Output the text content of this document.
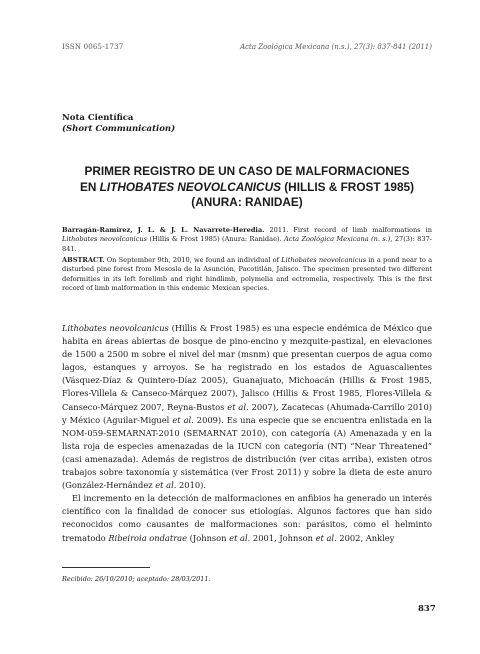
ISSN 0065-1737	Acta Zoológica Mexicana (n.s.), 27(3): 837-841 (2011)
Nota Científica
(Short Communication)
PRIMER REGISTRO DE UN CASO DE MALFORMACIONES
EN LITHOBATES NEOVOLCANICUS (HILLIS & FROST 1985)
(ANURA: RANIDAE)
Barragán-Ramírez, J. L. & J. L. Navarrete-Heredia. 2011. First record of limb malformations in Lithobates neovolcanicus (Hillis & Frost 1985) (Anura: Ranidae). Acta Zoológica Mexicana (n. s.), 27(3): 837-841.
ABSTRACT. On September 9th, 2010, we found an individual of Lithobates neovolcanicus in a pond near to a disturbed pine forest from Mesosla de la Asunción, Pacotitlán, Jalisco. The specimen presented two different deformities in its left forelimb and right hindlimb, polymelia and ectromelia, respectively. This is the first record of limb malformation in this endemic Mexican species.

Lithobates neovolcanicus (Hillis & Frost 1985) es una especie endémica de México que habita en áreas abiertas de bosque de pino-encino y mezquite-pastizal, en elevaciones de 1500 a 2500 m sobre el nivel del mar (msnm) que presentan cuerpos de agua como lagos, estanques y arroyos. Se ha registrado en los estados de Aguascalientes (Vásquez-Díaz & Quintero-Díaz 2005), Guanajuato, Michoacán (Hillis & Frost 1985, Flores-Villela & Canseco-Márquez 2007), Jalisco (Hillis & Frost 1985, Flores-Villela & Canseco-Márquez 2007, Reyna-Bustos et al. 2007), Zacatecas (Ahumada-Carrillo 2010) y México (Aguilar-Miguel et al. 2009). Es una especie que se encuentra enlistada en la NOM-059-SEMARNAT-2010 (SEMARNAT 2010), con categoría (A) Amenazada y en la lista roja de especies amenazadas de la IUCN con categoría (NT) “Near Threatened” (casi amenazada). Además de registros de distribución (ver citas arriba), existen otros trabajos sobre taxonomía y sistemática (ver Frost 2011) y sobre la dieta de este anuro (González-Hernández et al. 2010).

El incremento en la detección de malformaciones en anfibios ha generado un interés científico con la finalidad de conocer sus etiologías. Algunos factores que han sido reconocidos como causantes de malformaciones son: parásitos, como el helminto trematodo Ribeiroia ondatrae (Johnson et al. 2001, Johnson et al. 2002, Ankley

Recibido: 26/10/2010; aceptado: 28/03/2011.
837
